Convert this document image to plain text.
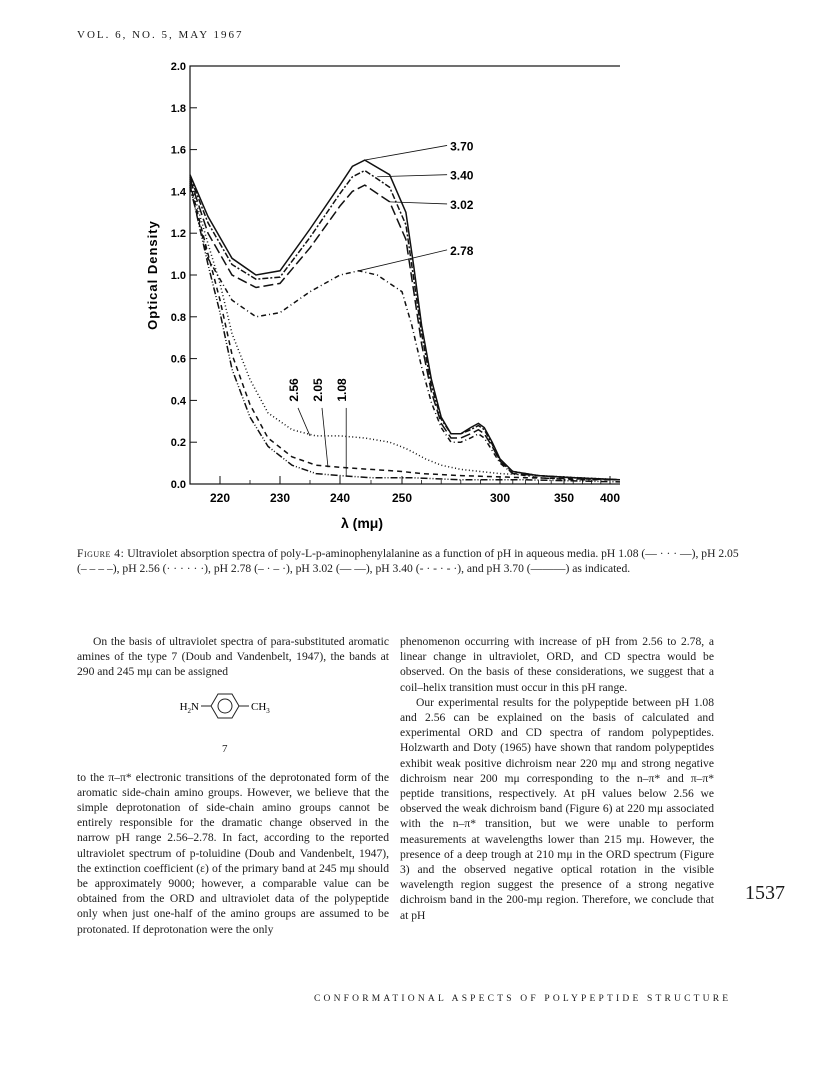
VOL. 6, NO. 5, MAY 1967
0.0
0.2
0.4
0.6
0.8
1.0
1.2
1.4
1.6
1.8
2.0
220	230	240	250	300	350 400
λ (mμ)
Optical Density
3.70
3.40
3.02
2.78
2.56 2.05 1.08
Figure 4: Ultraviolet absorption spectra of poly-L-p-aminophenylalanine as a function of pH in aqueous media. pH 1.08 (— · · · —), pH 2.05 (– – – –), pH 2.56 (· · · · · ·), pH 2.78 (– · – ·), pH 3.02 (— —), pH 3.40 (- · - · - ·), and pH 3.70 (———) as indicated.

On the basis of ultraviolet spectra of para-substituted aromatic amines of the type 7 (Doub and Vandenbelt, 1947), the bands at 290 and 245 mμ can be assigned

$H_2N$	$CH_3$
7

to the π–π* electronic transitions of the deprotonated form of the aromatic side-chain amino groups. However, we believe that the simple deprotonation of side-chain amino groups cannot be entirely responsible for the dramatic change observed in the narrow pH range 2.56–2.78. In fact, according to the reported ultraviolet spectrum of p-toluidine (Doub and Vandenbelt, 1947), the extinction coefficient (ε) of the primary band at 245 mμ should be approximately 9000; however, a comparable value can be obtained from the ORD and ultraviolet data of the polypeptide only when just one-half of the amino groups are assumed to be protonated. If deprotonation were the only

phenomenon occurring with increase of pH from 2.56 to 2.78, a linear change in ultraviolet, ORD, and CD spectra would be observed. On the basis of these considerations, we suggest that a coil–helix transition must occur in this pH range.

Our experimental results for the polypeptide between pH 1.08 and 2.56 can be explained on the basis of calculated and experimental ORD and CD spectra of random polypeptides. Holzwarth and Doty (1965) have shown that random polypeptides exhibit weak positive dichroism near 220 mμ and strong negative dichroism near 200 mμ corresponding to the n–π* and π–π* peptide transitions, respectively. At pH values below 2.56 we observed the weak dichroism band (Figure 6) at 220 mμ associated with the n–π* transition, but we were unable to perform measurements at wavelengths lower than 215 mμ. However, the presence of a deep trough at 210 mμ in the ORD spectrum (Figure 3) and the observed negative optical rotation in the visible wavelength region suggest the presence of a strong negative dichroism band in the 200-mμ region. Therefore, we conclude that at pH

1537
CONFORMATIONAL ASPECTS OF POLYPEPTIDE STRUCTURE
